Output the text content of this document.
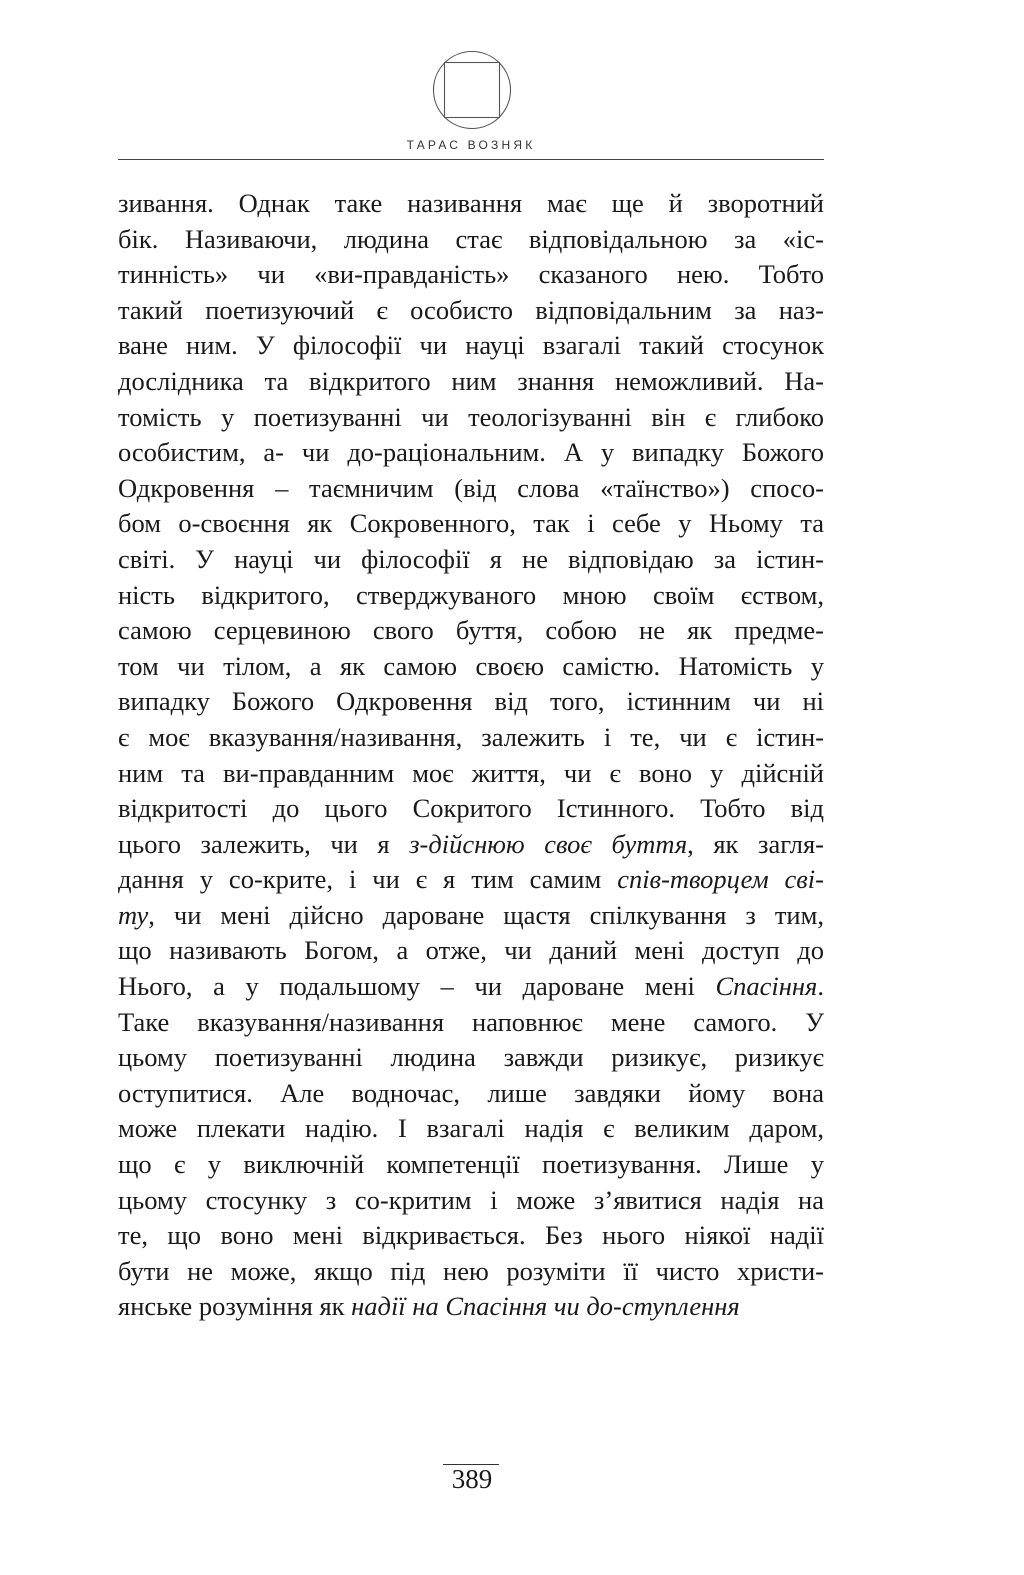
ТАРАС ВОЗНЯК
зивання. Однак таке називання має ще й зворотний
бік. Називаючи, людина стає відповідальною за «іс-
тинність» чи «ви-правданість» сказаного нею. Тобто
такий поетизуючий є особисто відповідальним за наз-
ване ним. У філософії чи науці взагалі такий стосунок
дослідника та відкритого ним знання неможливий. На-
томість у поетизуванні чи теологізуванні він є глибоко
особистим, а- чи до-раціональним. А у випадку Божого
Одкровення – таємничим (від слова «таїнство») спосо-
бом о-своєння як Сокровенного, так і себе у Ньому та
світі. У науці чи філософії я не відповідаю за істин-
ність відкритого, стверджуваного мною своїм єством,
самою серцевиною свого буття, собою не як предме-
том чи тілом, а як самою своєю самістю. Натомість у
випадку Божого Одкровення від того, істинним чи ні
є моє вказування/називання, залежить і те, чи є істин-
ним та ви-правданним моє життя, чи є воно у дійсній
відкритості до цього Сокритого Істинного. Тобто від
цього залежить, чи я з-дійснюю своє буття, як загля-
дання у со-крите, і чи є я тим самим спів-творцем сві-
ту, чи мені дійсно дароване щастя спілкування з тим,
що називають Богом, а отже, чи даний мені доступ до
Нього, а у подальшому – чи дароване мені Спасіння.
Таке вказування/називання наповнює мене самого. У
цьому поетизуванні людина завжди ризикує, ризикує
оступитися. Але водночас, лише завдяки йому вона
може плекати надію. І взагалі надія є великим даром,
що є у виключній компетенції поетизування. Лише у
цьому стосунку з со-критим і може з’явитися надія на
те, що воно мені відкривається. Без нього ніякої надії
бути не може, якщо під нею розуміти її чисто христи-
янське розуміння як надії на Спасіння чи до-ступлення
389
